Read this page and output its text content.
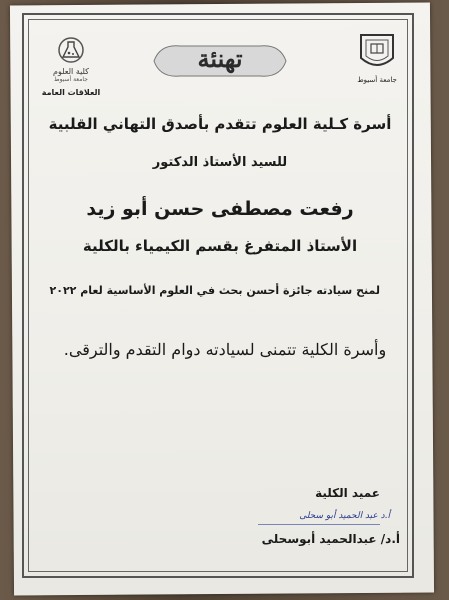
كلية العلوم
جامعة أسيوط
العلاقات العامة
جامعة أسيوط
تهنئة
أسرة كـلية العلوم تتقدم بأصدق التهاني القلبية
للسيد الأستاذ الدكتور
رفعت مصطفى حسن أبو زيد
الأستاذ المتفرغ بقسم الكيمياء بالكلية
لمنح سيادته جائزة أحسن بحث في العلوم الأساسية لعام ٢٠٢٢
وأسرة الكلية تتمنى لسيادته دوام التقدم والترقى.
عميد الكلية
أ.د عبد الحميد أبو سحلى
أ.د/ عبدالحميد أبوسحلى
